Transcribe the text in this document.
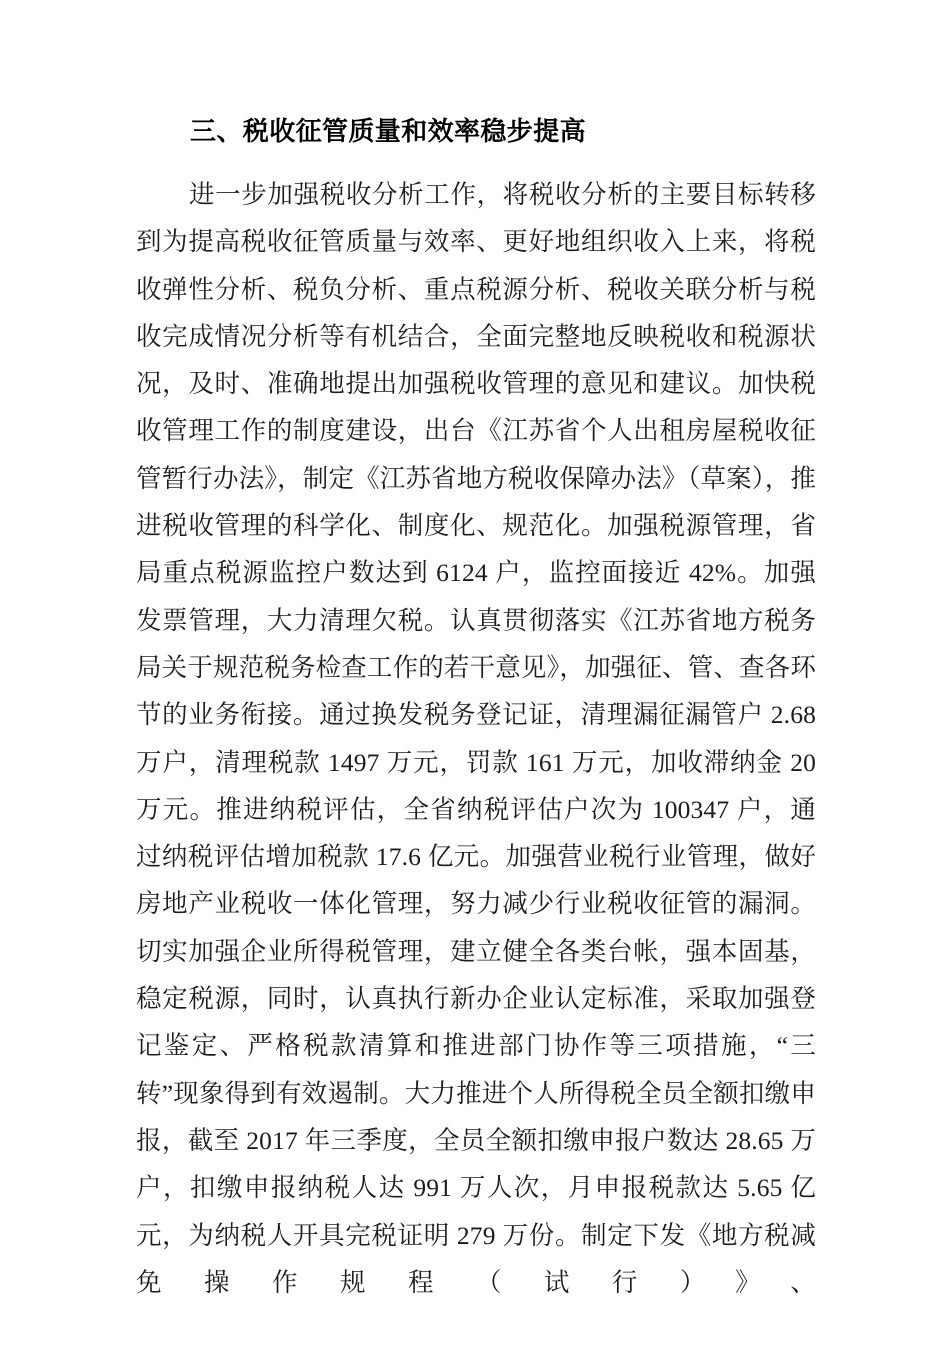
三、税收征管质量和效率稳步提高

进一步加强税收分析工作，将税收分析的主要目标转移到为提高税收征管质量与效率、更好地组织收入上来，将税收弹性分析、税负分析、重点税源分析、税收关联分析与税收完成情况分析等有机结合，全面完整地反映税收和税源状况，及时、准确地提出加强税收管理的意见和建议。加快税收管理工作的制度建设，出台《江苏省个人出租房屋税收征管暂行办法》，制定《江苏省地方税收保障办法》（草案），推进税收管理的科学化、制度化、规范化。加强税源管理，省局重点税源监控户数达到 6124 户，监控面接近 42%。加强发票管理，大力清理欠税。认真贯彻落实《江苏省地方税务局关于规范税务检查工作的若干意见》，加强征、管、查各环节的业务衔接。通过换发税务登记证，清理漏征漏管户 2.68 万户，清理税款 1497 万元，罚款 161 万元，加收滞纳金 20 万元。推进纳税评估，全省纳税评估户次为 100347 户，通过纳税评估增加税款 17.6 亿元。加强营业税行业管理，做好房地产业税收一体化管理，努力减少行业税收征管的漏洞。切实加强企业所得税管理，建立健全各类台帐，强本固基，稳定税源，同时，认真执行新办企业认定标准，采取加强登记鉴定、严格税款清算和推进部门协作等三项措施，“三转”现象得到有效遏制。大力推进个人所得税全员全额扣缴申报，截至 2017 年三季度，全员全额扣缴申报户数达 28.65 万户，扣缴申报纳税人达 991 万人次，月申报税款达 5.65 亿元，为纳税人开具完税证明 279 万份。制定下发《地方税减免操作规程（试行）》、
